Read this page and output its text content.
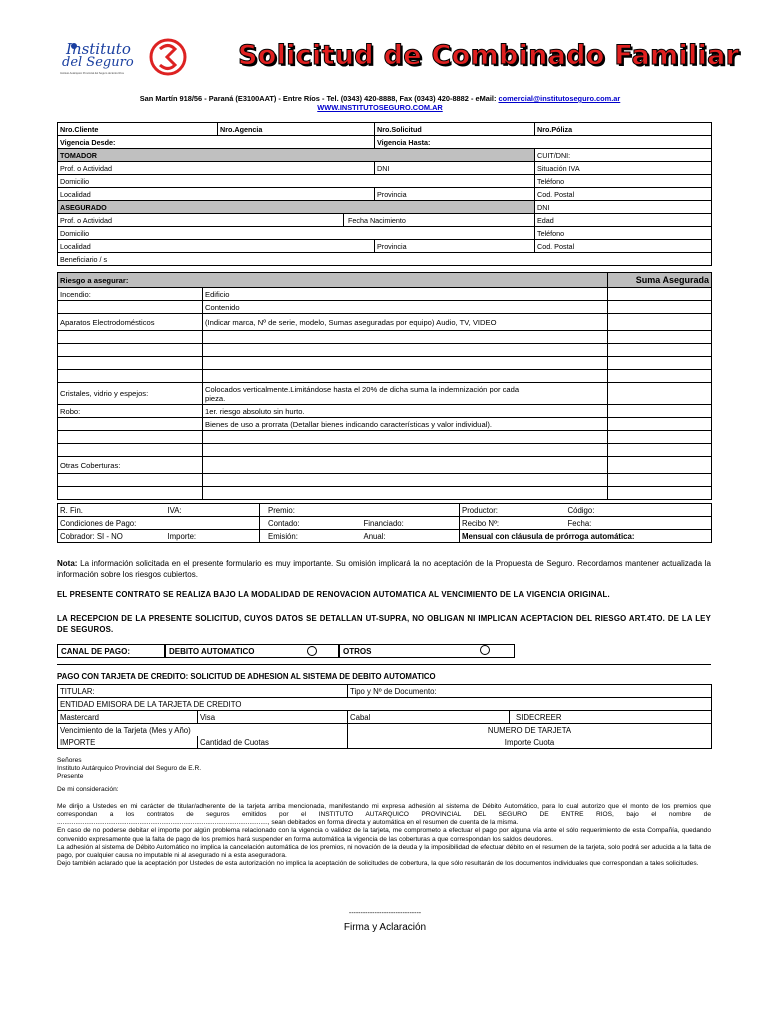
Instituto
del Seguro
Instituto Autárquico Provincial del Seguro de Entre Ríos
Solicitud de Combinado Familiar
San Martín 918/56 - Paraná (E3100AAT) - Entre Ríos - Tel. (0343) 420-8888, Fax (0343) 420-8882 - eMail: comercial@institutoseguro.com.ar
WWW.INSTITUTOSEGURO.COM.AR
Nro.Cliente	Nro.Agencia		Nro.Solicitud	Nro.Póliza
Vigencia Desde:			Vigencia Hasta:	
TOMADOR				CUIT/DNI:
Prof. o Actividad			DNI	Situación IVA
Domicilio				Teléfono
Localidad			Provincia	Cod. Postal
ASEGURADO				DNI
Prof. o Actividad		Fecha Nacimiento		Edad
Domicilio				Teléfono
Localidad			Provincia	Cod. Postal
Beneficiario / s				
Riesgo a asegurar:		Suma Asegurada
Incendio:	Edificio	
	Contenido	
Aparatos Electrodomésticos	(Indicar marca, Nº de serie, modelo, Sumas aseguradas por equipo) Audio, TV, VIDEO	

Cristales, vidrio y espejos:	Colocados verticalmente.Limitándose hasta el 20% de dicha suma la indemnización por cada
pieza.	
Robo:	1er. riesgo absoluto sin hurto.	
	Bienes de uso a prorrata (Detallar bienes indicando características y valor individual).	

Otras Coberturas:		

R. Fin.	IVA:	Premio:		Productor:	Código:
Condiciones de Pago:		Contado:	Financiado:	Recibo Nº:	Fecha:
Cobrador: SI - NO	Importe:	Emisión:	Anual:	Mensual con cláusula de prórroga automática:	
Nota: La información solicitada en el presente formulario es muy importante. Su omisión implicará la no aceptación de la Propuesta de Seguro. Recordamos mantener actualizada la información sobre los riesgos cubiertos.
EL PRESENTE CONTRATO SE REALIZA BAJO LA MODALIDAD DE RENOVACION AUTOMATICA AL VENCIMIENTO DE LA VIGENCIA ORIGINAL.
LA RECEPCION DE LA PRESENTE SOLICITUD, CUYOS DATOS SE DETALLAN UT-SUPRA, NO OBLIGAN NI IMPLICAN ACEPTACION DEL RIESGO ART.4TO. DE LA LEY DE SEGUROS.
CANAL DE PAGO:	DEBITO AUTOMATICO	OTROS
PAGO CON TARJETA DE CREDITO: SOLICITUD DE ADHESION AL SISTEMA DE DEBITO AUTOMATICO
TITULAR:		Tipo y Nº de Documento:	
ENTIDAD EMISORA DE LA TARJETA DE CREDITO			
Mastercard	Visa	Cabal	SIDECREER
Vencimiento de la Tarjeta (Mes y Año)		NUMERO DE TARJETA	
IMPORTE	Cantidad de Cuotas	Importe Cuota	
Señores
Instituto Autárquico Provincial del Seguro de E.R.
Presente
De mi consideración:
Me dirijo a Ustedes en mi carácter de titular/adherente de la tarjeta arriba mencionada, manifestando mi expresa adhesión al sistema de Débito Automático, para lo cual autorizo que el monto de los premios que correspondan a los contratos de seguros emitidos por el INSTITUTO AUTARQUICO PROVINCIAL DEL SEGURO DE ENTRE RIOS, bajo el nombre de ..................................................................................................................., sean debitados en forma directa y automática en el resumen de cuenta de la misma.
En caso de no poderse debitar el importe por algún problema relacionado con la vigencia o validez de la tarjeta, me comprometo a efectuar el pago por alguna vía ante el sólo requerimiento de esta Compañía, quedando convenido expresamente que la falta de pago de los premios hará suspender en forma automática la vigencia de las coberturas a que correspondan los saldos deudores.
La adhesión al sistema de Débito Automático no implica la cancelación automática de los premios, ni novación de la deuda y la imposibilidad de efectuar débito en el resumen de la tarjeta, solo podrá ser aducida a la falta de pago, por cualquier causa no imputable ni al asegurado ni a esta aseguradora.
Dejo también aclarado que la aceptación por Ustedes de esta autorización no implica la aceptación de solicitudes de cobertura, la que sólo resultarán de los documentos individuales que correspondan a tales solicitudes.
-------------------------------
Firma y Aclaración
